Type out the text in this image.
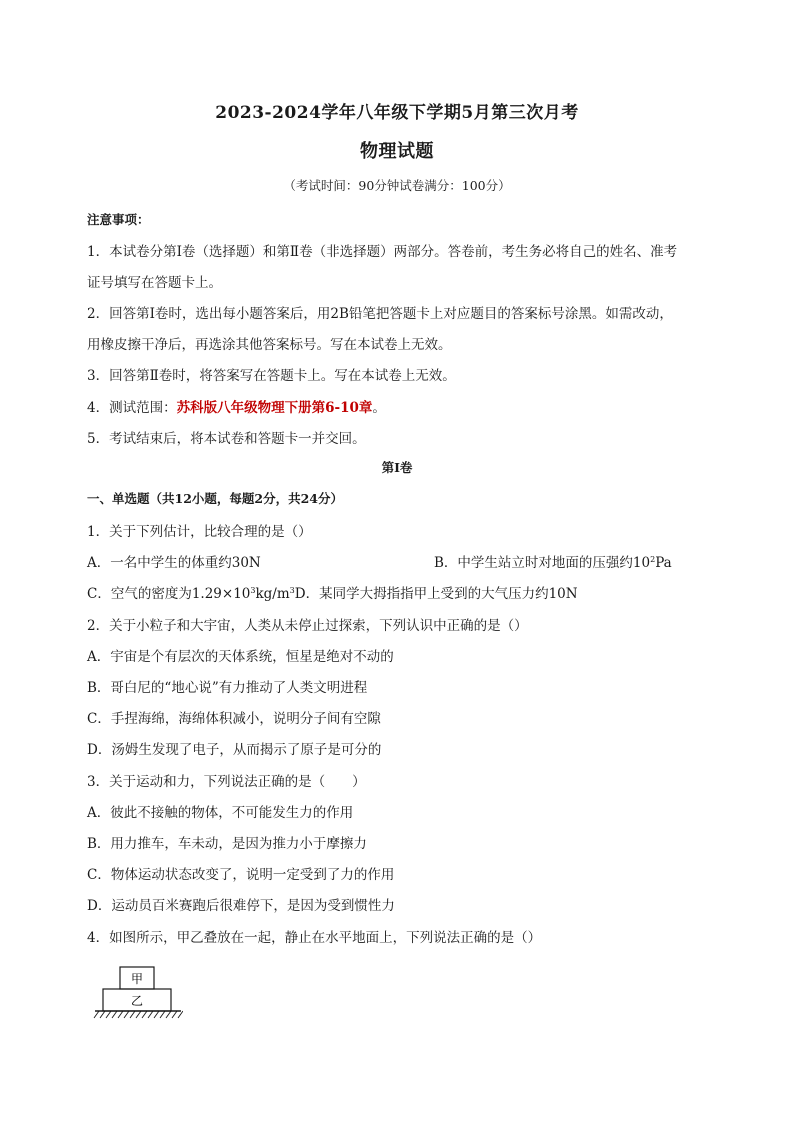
2023-2024学年八年级下学期5月第三次月考
物理试题
（考试时间：90分钟试卷满分：100分）
注意事项：
1．本试卷分第Ⅰ卷（选择题）和第Ⅱ卷（非选择题）两部分。答卷前，考生务必将自己的姓名、准考
证号填写在答题卡上。
2．回答第Ⅰ卷时，选出每小题答案后，用2B铅笔把答题卡上对应题目的答案标号涂黑。如需改动，
用橡皮擦干净后，再选涂其他答案标号。写在本试卷上无效。
3．回答第Ⅱ卷时，将答案写在答题卡上。写在本试卷上无效。
4．测试范围：苏科版八年级物理下册第6-10章。
5．考试结束后，将本试卷和答题卡一并交回。
第Ⅰ卷
一、单选题（共12小题，每题2分，共24分）
1．关于下列估计，比较合理的是（）
A．一名中学生的体重约30N	B．中学生站立时对地面的压强约$10^2Pa$
C．空气的密度为$1.29\times 10^3kg/m^3D$．某同学大拇指指甲上受到的大气压力约10N
2．关于小粒子和大宇宙，人类从未停止过探索，下列认识中正确的是（）
A．宇宙是个有层次的天体系统，恒星是绝对不动的
B．哥白尼的“地心说”有力推动了人类文明进程
C．手捏海绵，海绵体积减小，说明分子间有空隙
D．汤姆生发现了电子，从而揭示了原子是可分的
3．关于运动和力，下列说法正确的是（　　）
A．彼此不接触的物体，不可能发生力的作用
B．用力推车，车未动，是因为推力小于摩擦力
C．物体运动状态改变了，说明一定受到了力的作用
D．运动员百米赛跑后很难停下，是因为受到惯性力
4．如图所示，甲乙叠放在一起，静止在水平地面上，下列说法正确的是（）
甲
乙
